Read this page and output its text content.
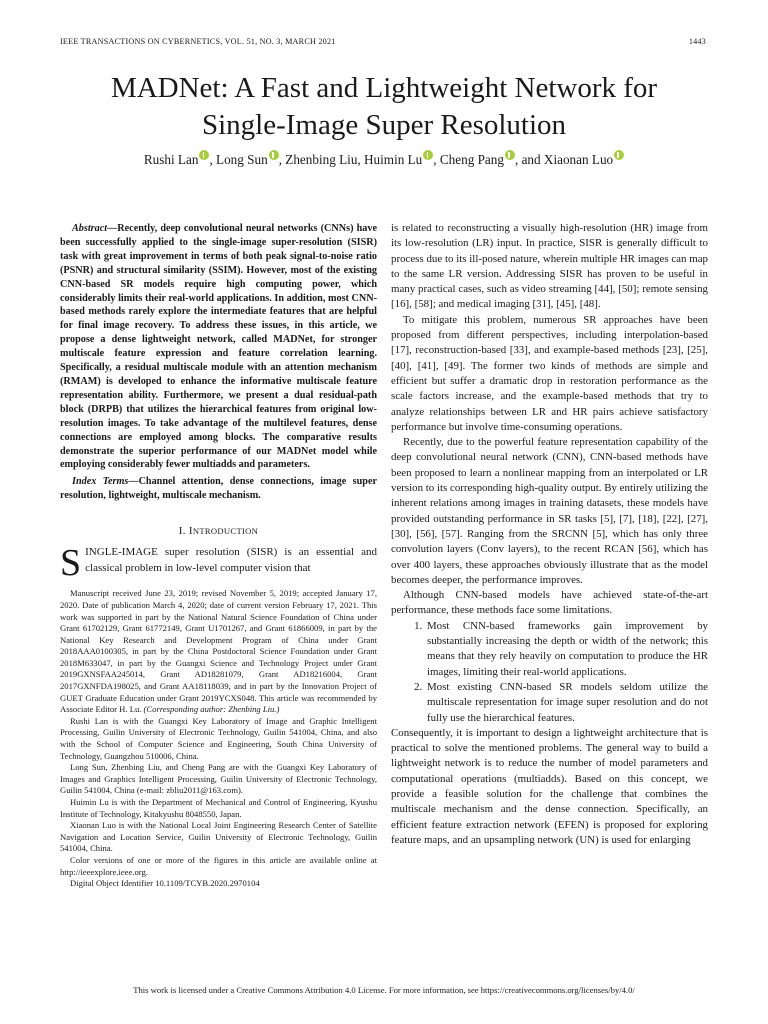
IEEE TRANSACTIONS ON CYBERNETICS, VOL. 51, NO. 3, MARCH 2021	1443
MADNet: A Fast and Lightweight Network for
Single-Image Super Resolution
Rushi Lan , Long Sun , Zhenbing Liu, Huimin Lu , Cheng Pang , and Xiaonan Luo

Abstract—Recently, deep convolutional neural networks (CNNs) have been successfully applied to the single-image super-resolution (SISR) task with great improvement in terms of both peak signal-to-noise ratio (PSNR) and structural similarity (SSIM). However, most of the existing CNN-based SR models require high computing power, which considerably limits their real-world applications. In addition, most CNN-based methods rarely explore the intermediate features that are helpful for final image recovery. To address these issues, in this article, we propose a dense lightweight network, called MADNet, for stronger multiscale feature expression and feature correlation learning. Specifically, a residual multiscale module with an attention mechanism (RMAM) is developed to enhance the informative multiscale feature representation ability. Furthermore, we present a dual residual-path block (DRPB) that utilizes the hierarchical features from original low-resolution images. To take advantage of the multilevel features, dense connections are employed among blocks. The comparative results demonstrate the superior performance of our MADNet model while employing considerably fewer multiadds and parameters.

Index Terms—Channel attention, dense connections, image super resolution, lightweight, multiscale mechanism.

I. INTRODUCTION

SINGLE-IMAGE super resolution (SISR) is an essential and classical problem in low-level computer vision that

Manuscript received June 23, 2019; revised November 5, 2019; accepted January 17, 2020. Date of publication March 4, 2020; date of current version February 17, 2021. This work was supported in part by the National Natural Science Foundation of China under Grant 61702129, Grant 61772149, Grant U1701267, and Grant 61866009, in part by the National Key Research and Development Program of China under Grant 2018AAA0100305, in part by the China Postdoctoral Science Foundation under Grant 2018M633047, in part by the Guangxi Science and Technology Project under Grant 2019GXNSFAA245014, Grant AD18281079, Grant AD18216004, Grant 2017GXNFDA198025, and Grant AA18118039, and in part by the Innovation Project of GUET Graduate Education under Grant 2019YCXS048. This article was recommended by Associate Editor H. Lu. (Corresponding author: Zhenbing Liu.)

Rushi Lan is with the Guangxi Key Laboratory of Image and Graphic Intelligent Processing, Guilin University of Electronic Technology, Guilin 541004, China, and also with the School of Computer Science and Engineering, South China University of Technology, Guangzhou 510006, China.

Long Sun, Zhenbing Liu, and Cheng Pang are with the Guangxi Key Laboratory of Images and Graphics Intelligent Processing, Guilin University of Electronic Technology, Guilin 541004, China (e-mail: zbliu2011@163.com).

Huimin Lu is with the Department of Mechanical and Control of Engineering, Kyushu Institute of Technology, Kitakyushu 8048550, Japan.

Xiaonan Luo is with the National Local Joint Engineering Research Center of Satellite Navigation and Location Service, Guilin University of Electronic Technology, Guilin 541004, China.

Color versions of one or more of the figures in this article are available online at http://ieeexplore.ieee.org.

Digital Object Identifier 10.1109/TCYB.2020.2970104

is related to reconstructing a visually high-resolution (HR) image from its low-resolution (LR) input. In practice, SISR is generally difficult to process due to its ill-posed nature, wherein multiple HR images can map to the same LR version. Addressing SISR has proven to be useful in many practical cases, such as video streaming [44], [50]; remote sensing [16], [58]; and medical imaging [31], [45], [48].

To mitigate this problem, numerous SR approaches have been proposed from different perspectives, including interpolation-based [17], reconstruction-based [33], and example-based methods [23], [25], [40], [41], [49]. The former two kinds of methods are simple and efficient but suffer a dramatic drop in restoration performance as the scale factors increase, and the example-based methods that try to analyze relationships between LR and HR pairs achieve satisfactory performance but involve time-consuming operations.

Recently, due to the powerful feature representation capability of the deep convolutional neural network (CNN), CNN-based methods have been proposed to learn a nonlinear mapping from an interpolated or LR version to its corresponding high-quality output. By entirely utilizing the inherent relations among images in training datasets, these models have provided outstanding performance in SR tasks [5], [7], [18], [22], [27], [30], [56], [57]. Ranging from the SRCNN [5], which has only three convolution layers (Conv layers), to the recent RCAN [56], which has over 400 layers, these approaches obviously illustrate that as the model becomes deeper, the performance improves.

Although CNN-based models have achieved state-of-the-art performance, these methods face some limitations.

1. Most CNN-based frameworks gain improvement by substantially increasing the depth or width of the network; this means that they rely heavily on computation to produce the HR images, limiting their real-world applications.
2. Most existing CNN-based SR models seldom utilize the multiscale representation for image super resolution and do not fully use the hierarchical features.

Consequently, it is important to design a lightweight architecture that is practical to solve the mentioned problems. The general way to build a lightweight network is to reduce the number of model parameters and computational operations (multiadds). Based on this concept, we provide a feasible solution for the challenge that combines the multiscale mechanism and the dense connection. Specifically, an efficient feature extraction network (EFEN) is proposed for exploring feature maps, and an upsampling network (UN) is used for enlarging

This work is licensed under a Creative Commons Attribution 4.0 License. For more information, see https://creativecommons.org/licenses/by/4.0/
